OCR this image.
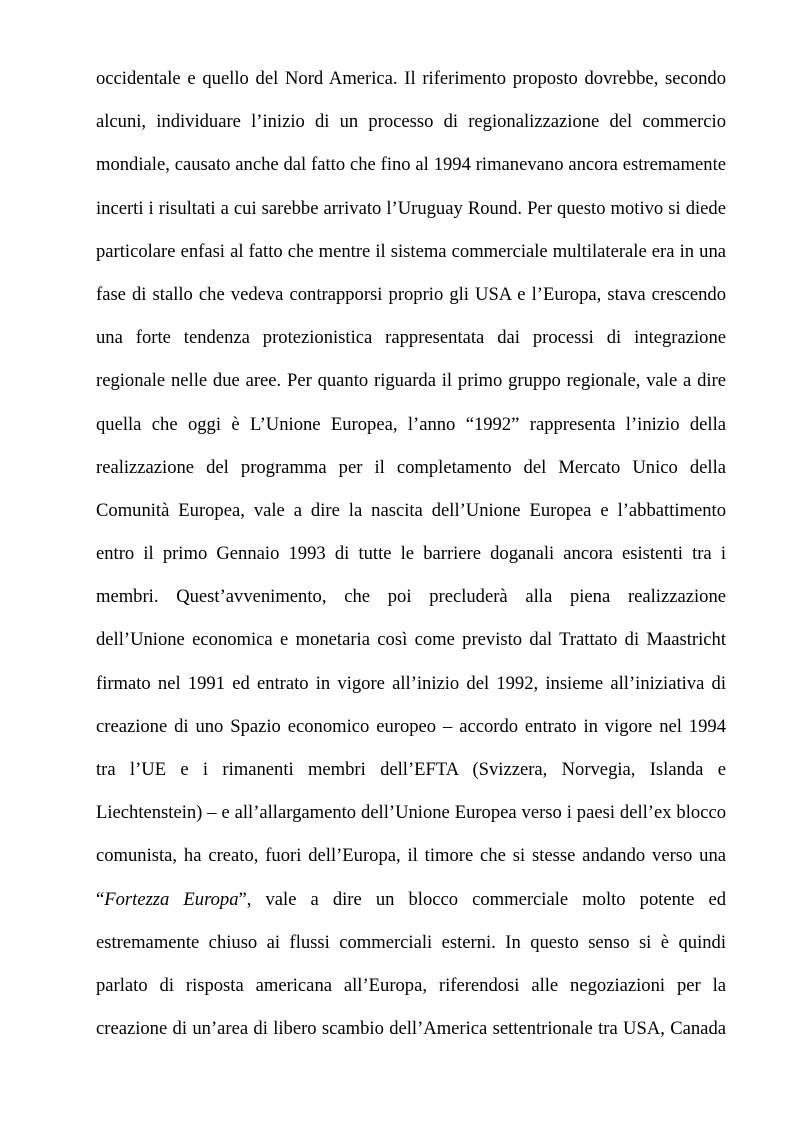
occidentale e quello del Nord America. Il riferimento proposto dovrebbe, secondo
alcuni, individuare l’inizio di un processo di regionalizzazione del commercio
mondiale, causato anche dal fatto che fino al 1994 rimanevano ancora estremamente
incerti i risultati a cui sarebbe arrivato l’Uruguay Round. Per questo motivo si diede
particolare enfasi al fatto che mentre il sistema commerciale multilaterale era in una
fase di stallo che vedeva contrapporsi proprio gli USA e l’Europa, stava crescendo
una forte tendenza protezionistica rappresentata dai processi di integrazione
regionale nelle due aree. Per quanto riguarda il primo gruppo regionale, vale a dire
quella che oggi è L’Unione Europea, l’anno “1992” rappresenta l’inizio della
realizzazione del programma per il completamento del Mercato Unico della
Comunità Europea, vale a dire la nascita dell’Unione Europea e l’abbattimento
entro il primo Gennaio 1993 di tutte le barriere doganali ancora esistenti tra i
membri. Quest’avvenimento, che poi precluderà alla piena realizzazione
dell’Unione economica e monetaria così come previsto dal Trattato di Maastricht
firmato nel 1991 ed entrato in vigore all’inizio del 1992, insieme all’iniziativa di
creazione di uno Spazio economico europeo – accordo entrato in vigore nel 1994
tra l’UE e i rimanenti membri dell’EFTA (Svizzera, Norvegia, Islanda e
Liechtenstein) – e all’allargamento dell’Unione Europea verso i paesi dell’ex blocco
comunista, ha creato, fuori dell’Europa, il timore che si stesse andando verso una
“Fortezza Europa”, vale a dire un blocco commerciale molto potente ed
estremamente chiuso ai flussi commerciali esterni. In questo senso si è quindi
parlato di risposta americana all’Europa, riferendosi alle negoziazioni per la
creazione di un’area di libero scambio dell’America settentrionale tra USA, Canada
